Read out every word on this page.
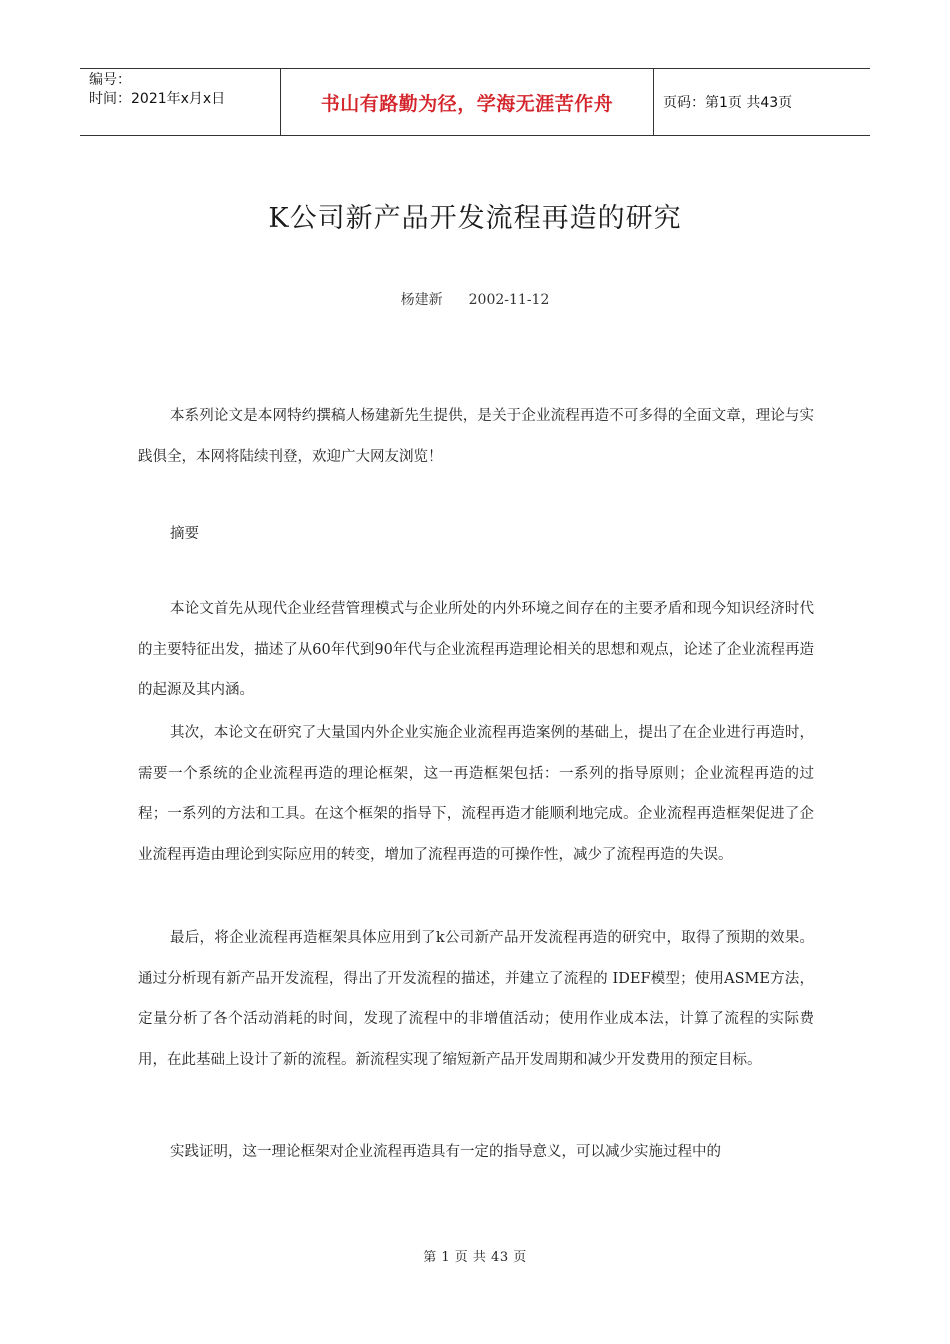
编号：
时间：2021年x月x日	书山有路勤为径，学海无涯苦作舟	页码：第1页 共43页
K公司新产品开发流程再造的研究
杨建新 2002-11-12

本系列论文是本网特约撰稿人杨建新先生提供，是关于企业流程再造不可多得的全面文章，理论与实践俱全，本网将陆续刊登，欢迎广大网友浏览！

摘要

本论文首先从现代企业经营管理模式与企业所处的内外环境之间存在的主要矛盾和现今知识经济时代的主要特征出发，描述了从60年代到90年代与企业流程再造理论相关的思想和观点，论述了企业流程再造的起源及其内涵。

其次，本论文在研究了大量国内外企业实施企业流程再造案例的基础上，提出了在企业进行再造时，需要一个系统的企业流程再造的理论框架，这一再造框架包括：一系列的指导原则；企业流程再造的过程；一系列的方法和工具。在这个框架的指导下，流程再造才能顺利地完成。企业流程再造框架促进了企业流程再造由理论到实际应用的转变，增加了流程再造的可操作性，减少了流程再造的失误。

最后，将企业流程再造框架具体应用到了k公司新产品开发流程再造的研究中，取得了预期的效果。通过分析现有新产品开发流程，得出了开发流程的描述，并建立了流程的 IDEF模型；使用ASME方法，定量分析了各个活动消耗的时间，发现了流程中的非增值活动；使用作业成本法，计算了流程的实际费用，在此基础上设计了新的流程。新流程实现了缩短新产品开发周期和减少开发费用的预定目标。

实践证明，这一理论框架对企业流程再造具有一定的指导意义，可以减少实施过程中的

第 1 页 共 43 页
